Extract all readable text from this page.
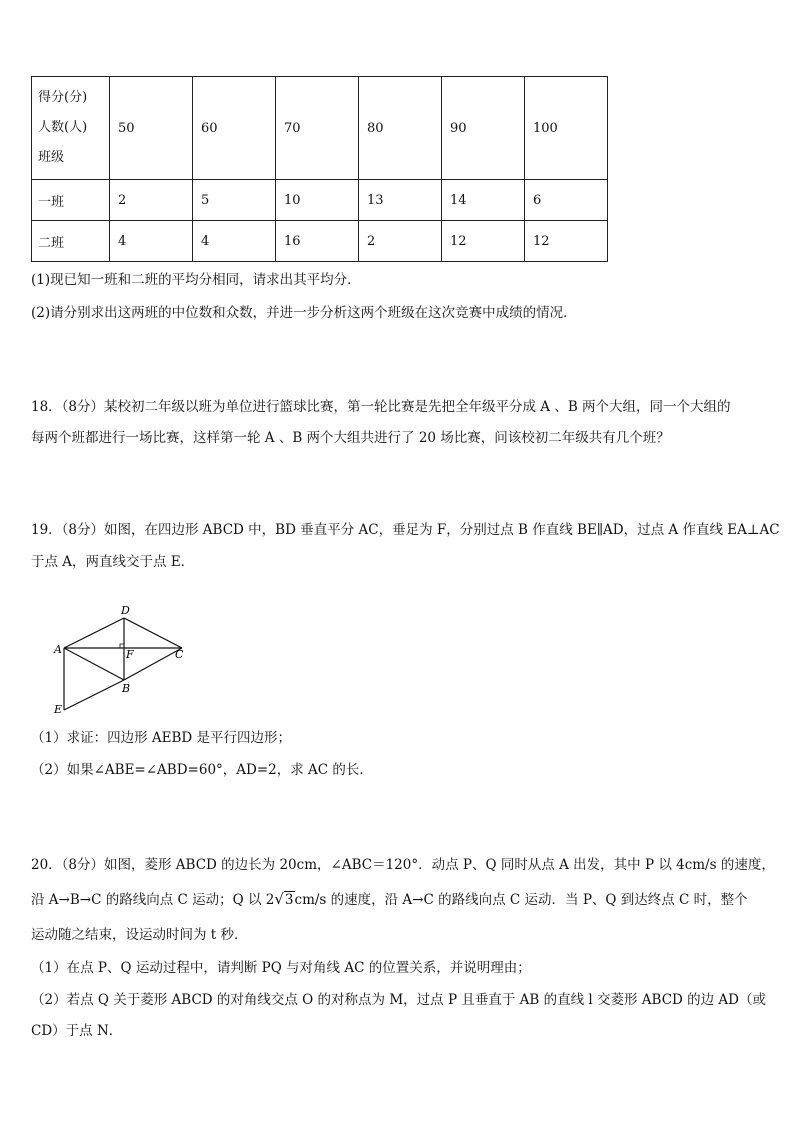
得分(分)
人数(人)
班级	50	60	70	80	90	100
一班	2	5	10	13	14	6
二班	4	4	16	2	12	12
(1)现已知一班和二班的平均分相同，请求出其平均分．
(2)请分别求出这两班的中位数和众数，并进一步分析这两个班级在这次竞赛中成绩的情况．
18．（8分）某校初二年级以班为单位进行篮球比赛，第一轮比赛是先把全年级平分成 A 、B 两个大组，同一个大组的
每两个班都进行一场比赛，这样第一轮 A 、B 两个大组共进行了 20 场比赛，问该校初二年级共有几个班？
19．（8分）如图，在四边形 ABCD 中，BD 垂直平分 AC，垂足为 F，分别过点 B 作直线 BE∥AD，过点 A 作直线 EA⊥AC
于点 A，两直线交于点 E．
D
A	F	C
B
E
（1）求证：四边形 AEBD 是平行四边形；
（2）如果∠ABE=∠ABD=60°，AD=2，求 AC 的长．
20．（8分）如图，菱形 ABCD 的边长为 20cm，∠ABC＝120°．动点 P、Q 同时从点 A 出发，其中 P 以 4cm/s 的速度，
沿 A→B→C 的路线向点 C 运动；Q 以 2√3cm/s 的速度，沿 A→C 的路线向点 C 运动．当 P、Q 到达终点 C 时，整个
运动随之结束，设运动时间为 t 秒．
（1）在点 P、Q 运动过程中，请判断 PQ 与对角线 AC 的位置关系，并说明理由；
（2）若点 Q 关于菱形 ABCD 的对角线交点 O 的对称点为 M，过点 P 且垂直于 AB 的直线 l 交菱形 ABCD 的边 AD（或
CD）于点 N．
